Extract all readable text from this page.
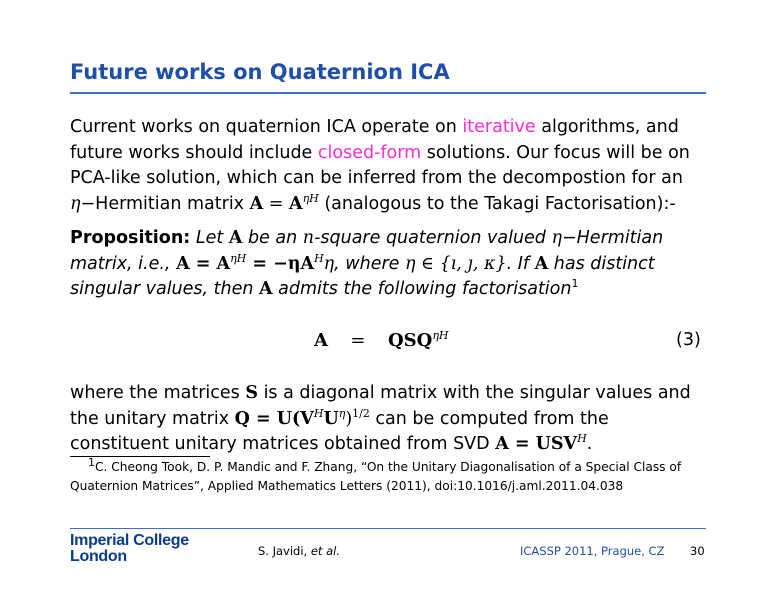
Future works on Quaternion ICA
Current works on quaternion ICA operate on iterative algorithms, and future works should include closed-form solutions. Our focus will be on PCA-like solution, which can be inferred from the decompostion for an η−Hermitian matrix $A = A^{\eta H}$ (analogous to the Takagi Factorisation):-
Proposition: Let A be an n-square quaternion valued η−Hermitian matrix, i.e., $A = A^{\eta H} = -\eta A^H\eta$, where η ∈ {ı, ȷ, κ}. If A has distinct singular values, then A admits the following factorisation$^1$
$A = QSQ^{\eta H}$	(3)
where the matrices S is a diagonal matrix with the singular values and the unitary matrix $Q = U(V^HU^\eta)^{1/2}$ can be computed from the constituent unitary matrices obtained from SVD $A = USV^H$.
$^1$C. Cheong Took, D. P. Mandic and F. Zhang, “On the Unitary Diagonalisation of a Special Class of Quaternion Matrices”, Applied Mathematics Letters (2011), doi:10.1016/j.aml.2011.04.038
Imperial College
London	S. Javidi, et al.	ICASSP 2011, Prague, CZ 30
